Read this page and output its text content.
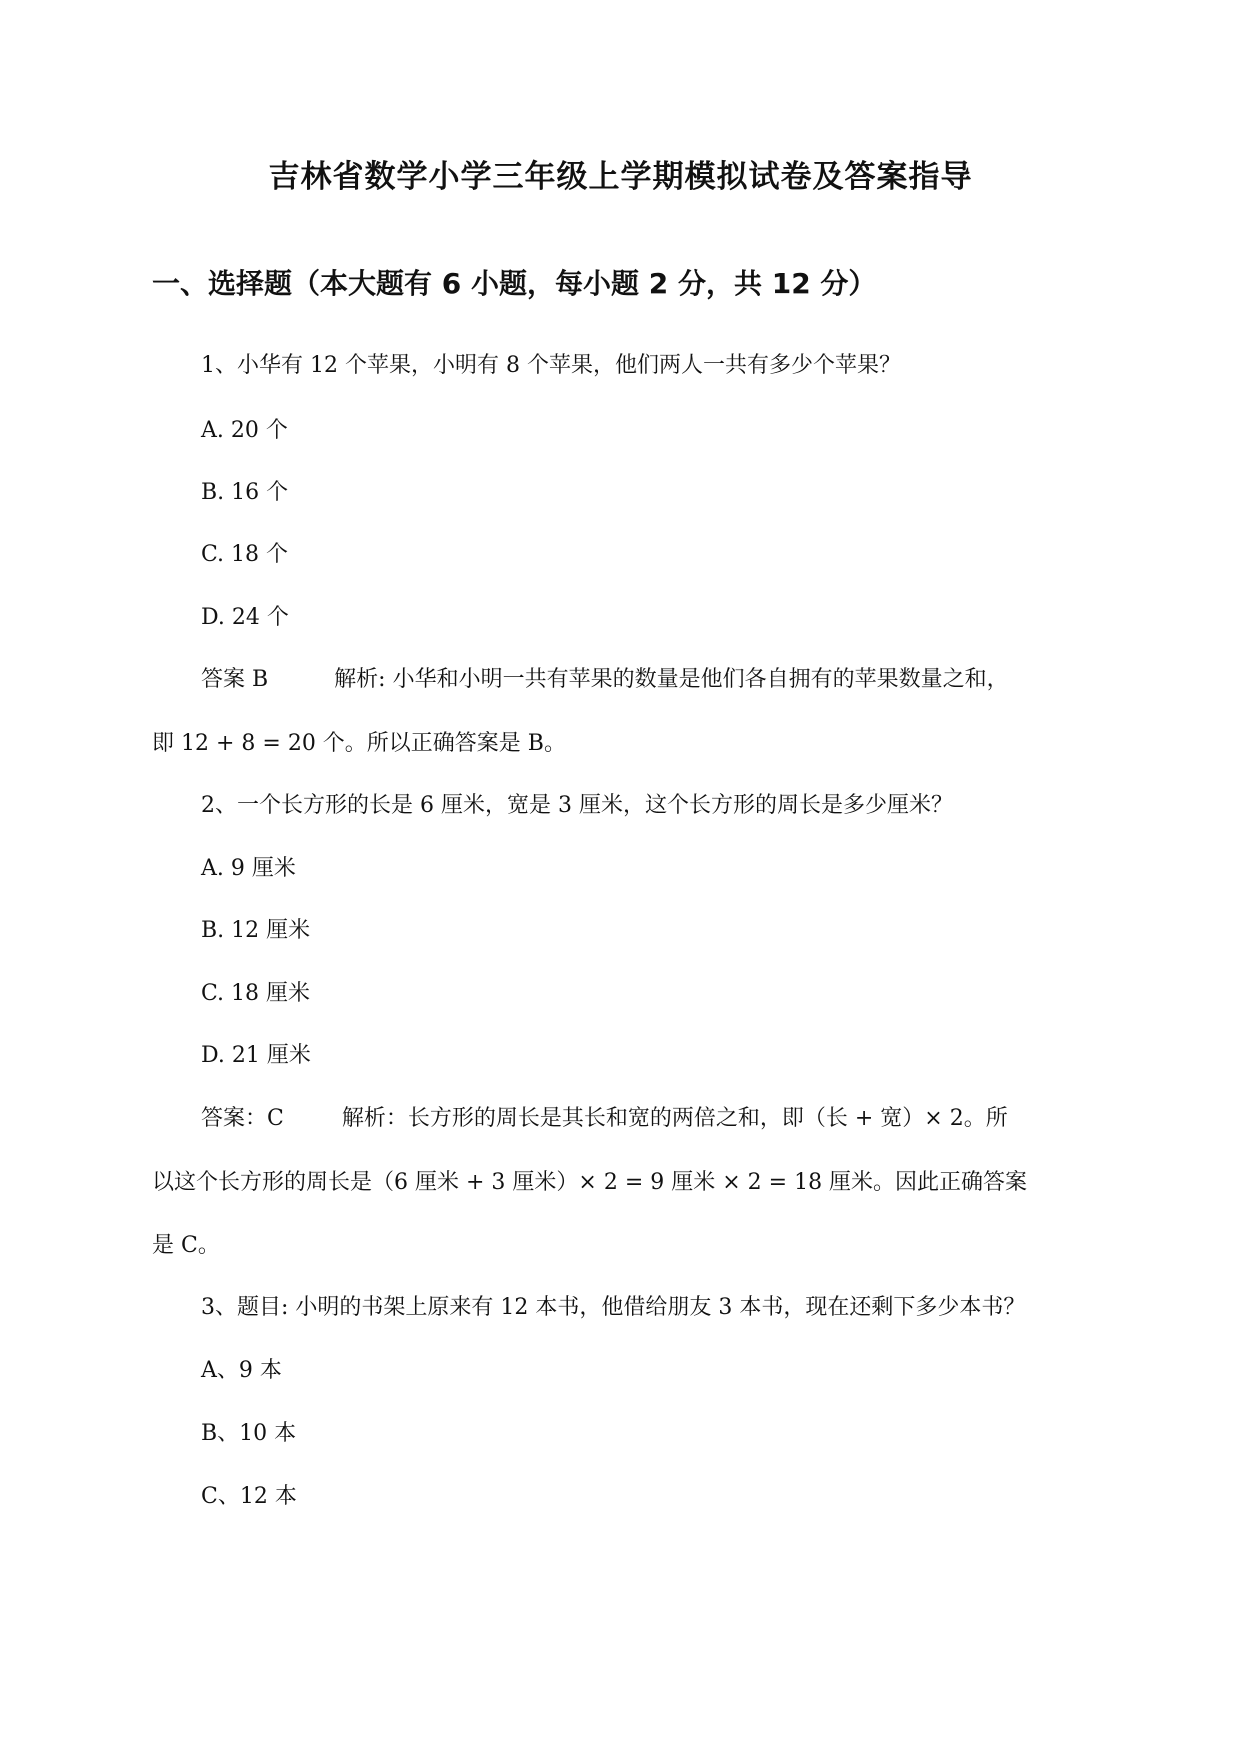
吉林省数学小学三年级上学期模拟试卷及答案指导
一、选择题（本大题有 6 小题，每小题 2 分，共 12 分）
1、小华有 12 个苹果，小明有 8 个苹果，他们两人一共有多少个苹果？
A. 20 个
B. 16 个
C. 18 个
D. 24 个
答案 B	解析: 小华和小明一共有苹果的数量是他们各自拥有的苹果数量之和，
即 12 + 8 = 20 个。所以正确答案是 B。
2、一个长方形的长是 6 厘米，宽是 3 厘米，这个长方形的周长是多少厘米？
A. 9 厘米
B. 12 厘米
C. 18 厘米
D. 21 厘米
答案：C	解析：长方形的周长是其长和宽的两倍之和，即（长 + 宽）× 2。所
以这个长方形的周长是（6 厘米 + 3 厘米）× 2 = 9 厘米 × 2 = 18 厘米。因此正确答案
是 C。
3、题目: 小明的书架上原来有 12 本书，他借给朋友 3 本书，现在还剩下多少本书？
A、9 本
B、10 本
C、12 本
